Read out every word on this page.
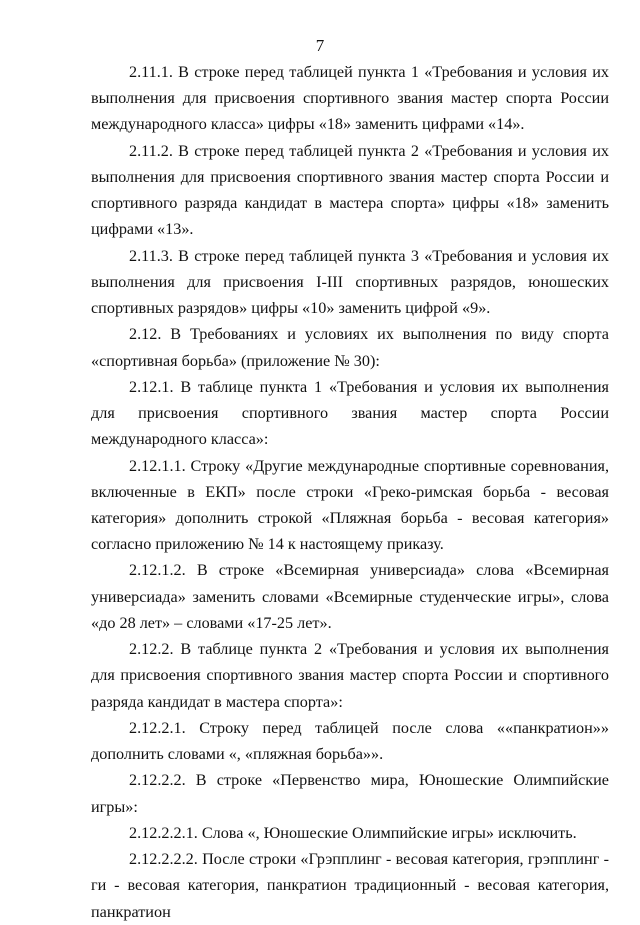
7

2.11.1. В строке перед таблицей пункта 1 «Требования и условия их выполнения для присвоения спортивного звания мастер спорта России международного класса» цифры «18» заменить цифрами «14».

2.11.2. В строке перед таблицей пункта 2 «Требования и условия их выполнения для присвоения спортивного звания мастер спорта России и спортивного разряда кандидат в мастера спорта» цифры «18» заменить цифрами «13».

2.11.3. В строке перед таблицей пункта 3 «Требования и условия их выполнения для присвоения I-III спортивных разрядов, юношеских спортивных разрядов» цифры «10» заменить цифрой «9».

2.12. В Требованиях и условиях их выполнения по виду спорта «спортивная борьба» (приложение № 30):

2.12.1. В таблице пункта 1 «Требования и условия их выполнения для присвоения спортивного звания мастер спорта России международного класса»:

2.12.1.1. Строку «Другие международные спортивные соревнования, включенные в ЕКП» после строки «Греко-римская борьба - весовая категория» дополнить строкой «Пляжная борьба - весовая категория» согласно приложению № 14 к настоящему приказу.

2.12.1.2. В строке «Всемирная универсиада» слова «Всемирная универсиада» заменить словами «Всемирные студенческие игры», слова «до 28 лет» – словами «17-25 лет».

2.12.2. В таблице пункта 2 «Требования и условия их выполнения для присвоения спортивного звания мастер спорта России и спортивного разряда кандидат в мастера спорта»:

2.12.2.1. Строку перед таблицей после слова ««панкратион»» дополнить словами «, «пляжная борьба»».

2.12.2.2. В строке «Первенство мира, Юношеские Олимпийские игры»:

2.12.2.2.1. Слова «, Юношеские Олимпийские игры» исключить.

2.12.2.2.2. После строки «Грэпплинг - весовая категория, грэпплинг - ги - весовая категория, панкратион традиционный - весовая категория, панкратион
